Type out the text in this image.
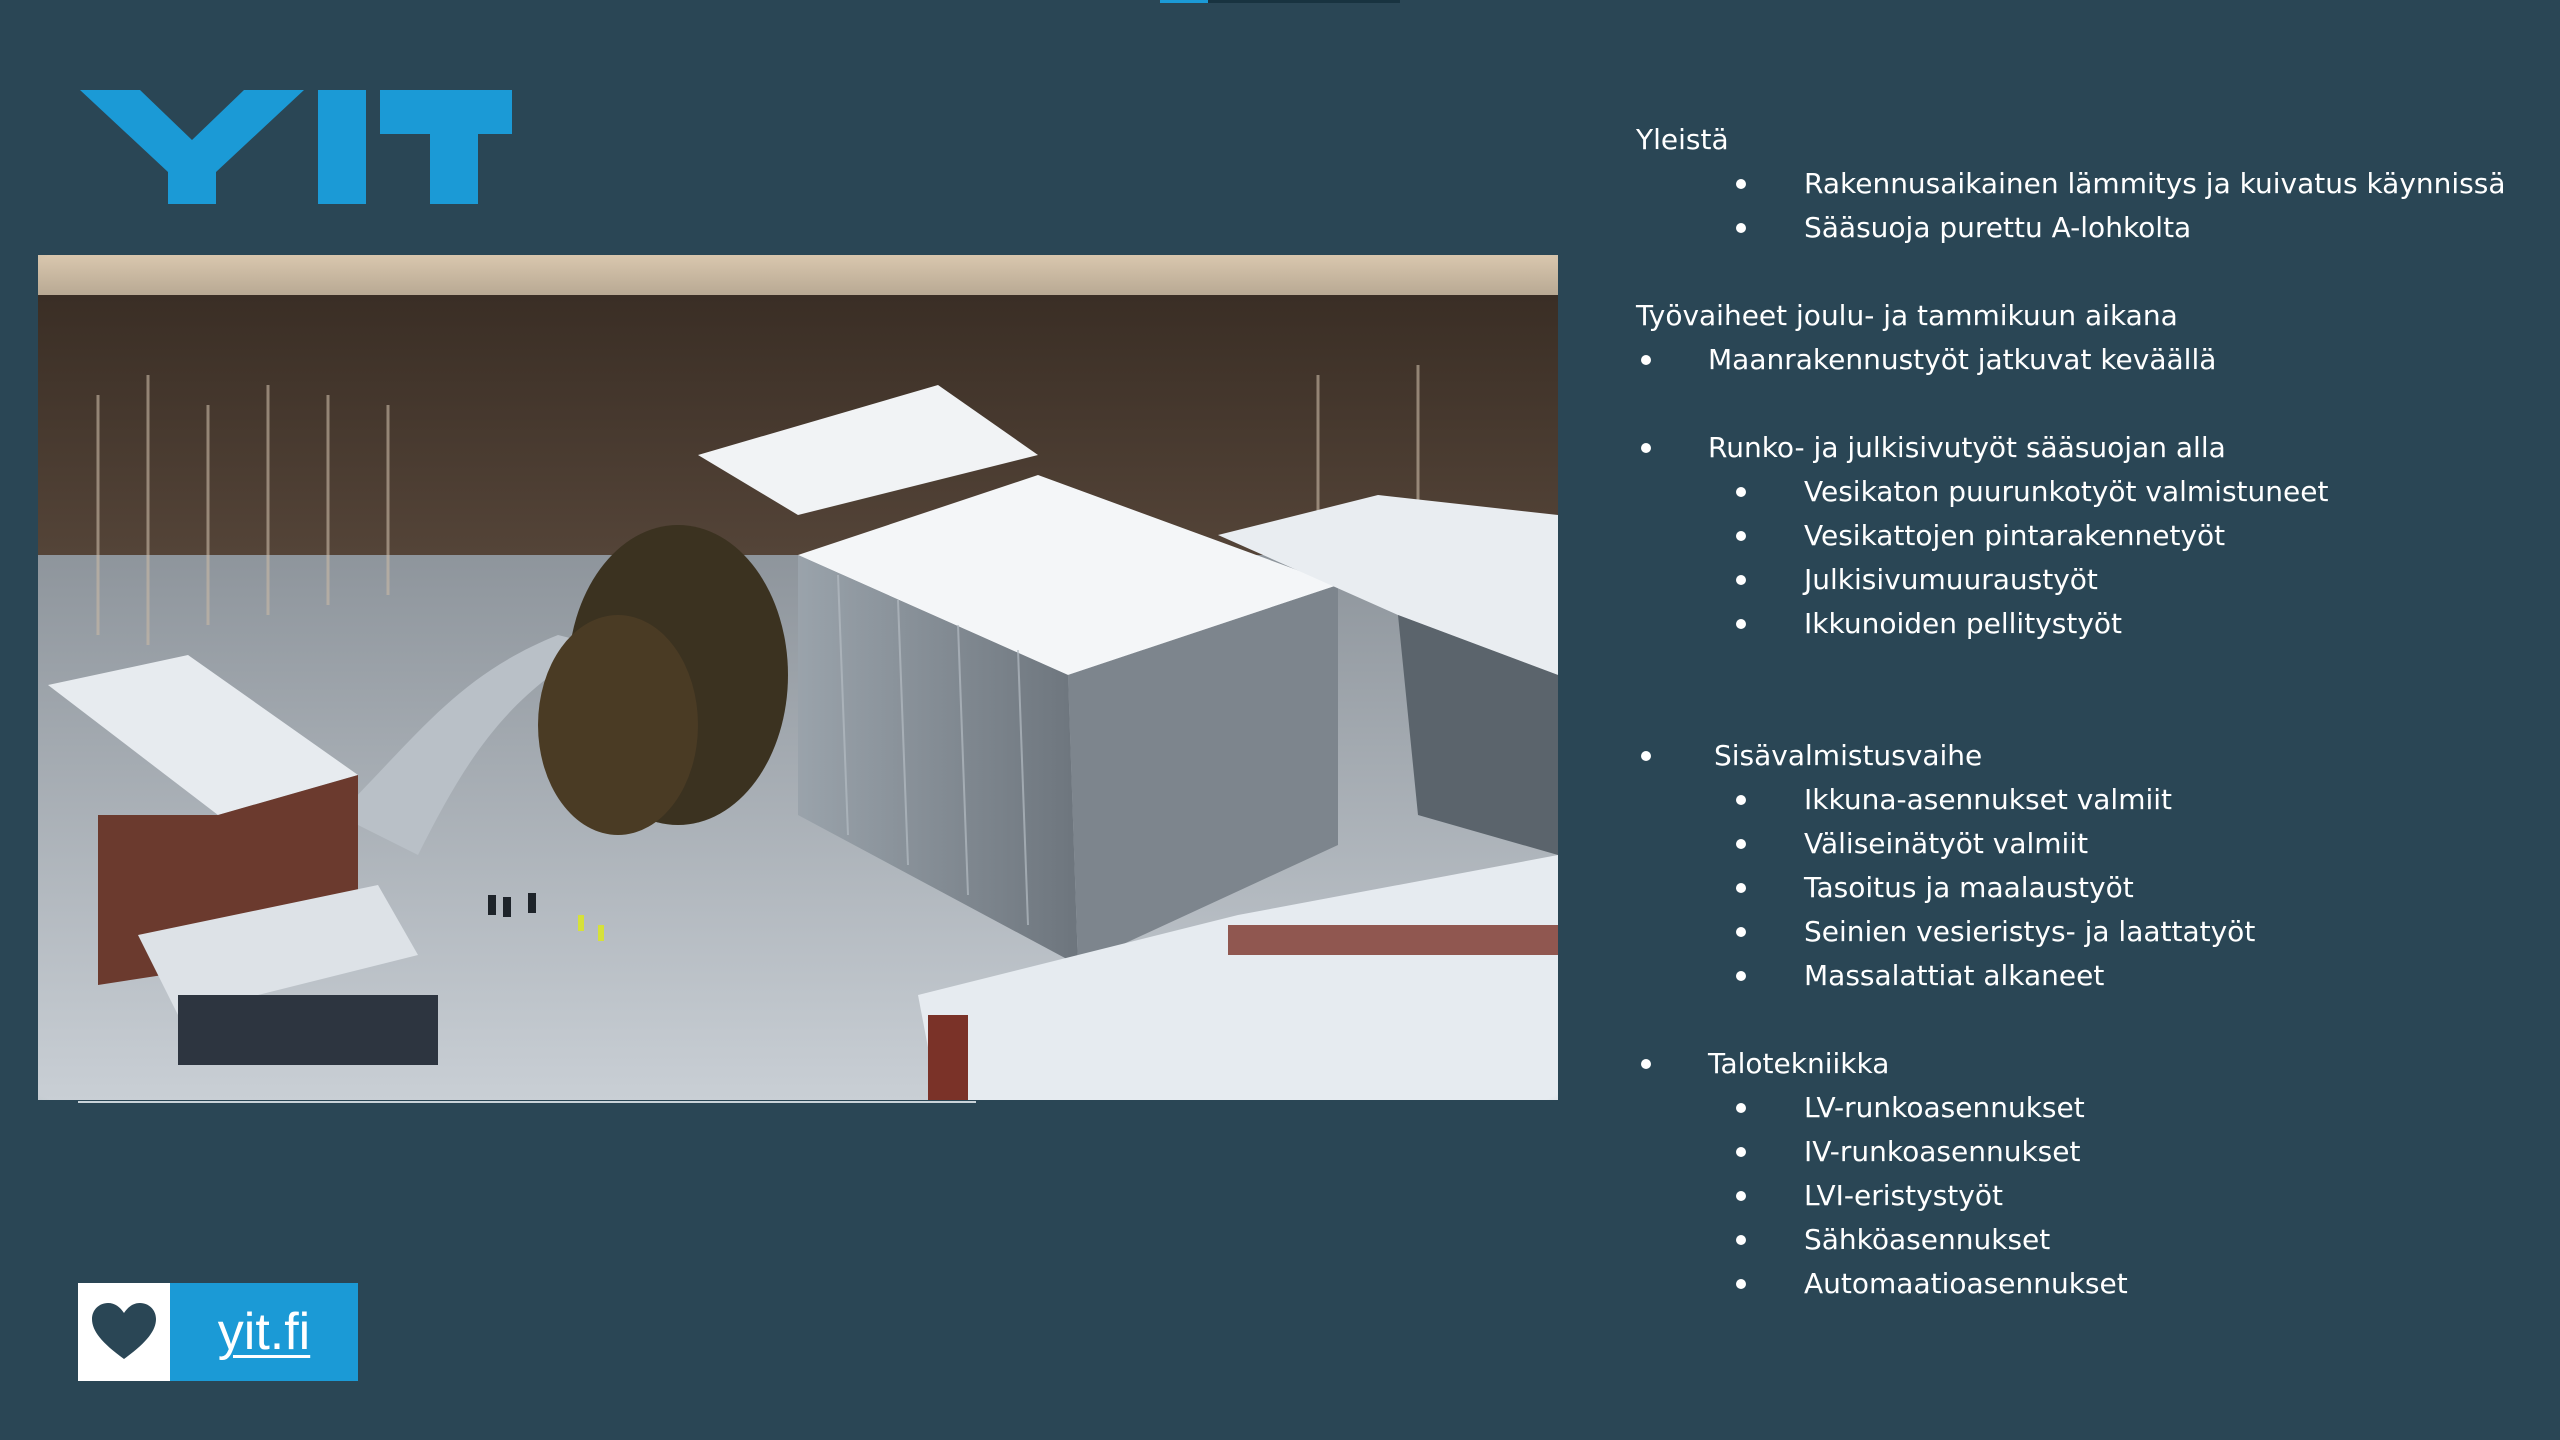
Yleistä
Rakennusaikainen lämmitys ja kuivatus käynnissä
Sääsuoja purettu A-lohkolta
Työvaiheet joulu- ja tammikuun aikana
Maanrakennustyöt jatkuvat keväällä
Runko- ja julkisivutyöt sääsuojan alla
Vesikaton puurunkotyöt valmistuneet
Vesikattojen pintarakennetyöt
Julkisivumuuraustyöt
Ikkunoiden pellitystyöt
Sisävalmistusvaihe
Ikkuna-asennukset valmiit
Väliseinätyöt valmiit
Tasoitus ja maalaustyöt
Seinien vesieristys- ja laattatyöt
Massalattiat alkaneet
Talotekniikka
LV-runkoasennukset
IV-runkoasennukset
LVI-eristystyöt
Sähköasennukset
Automaatioasennukset
yit.fi
